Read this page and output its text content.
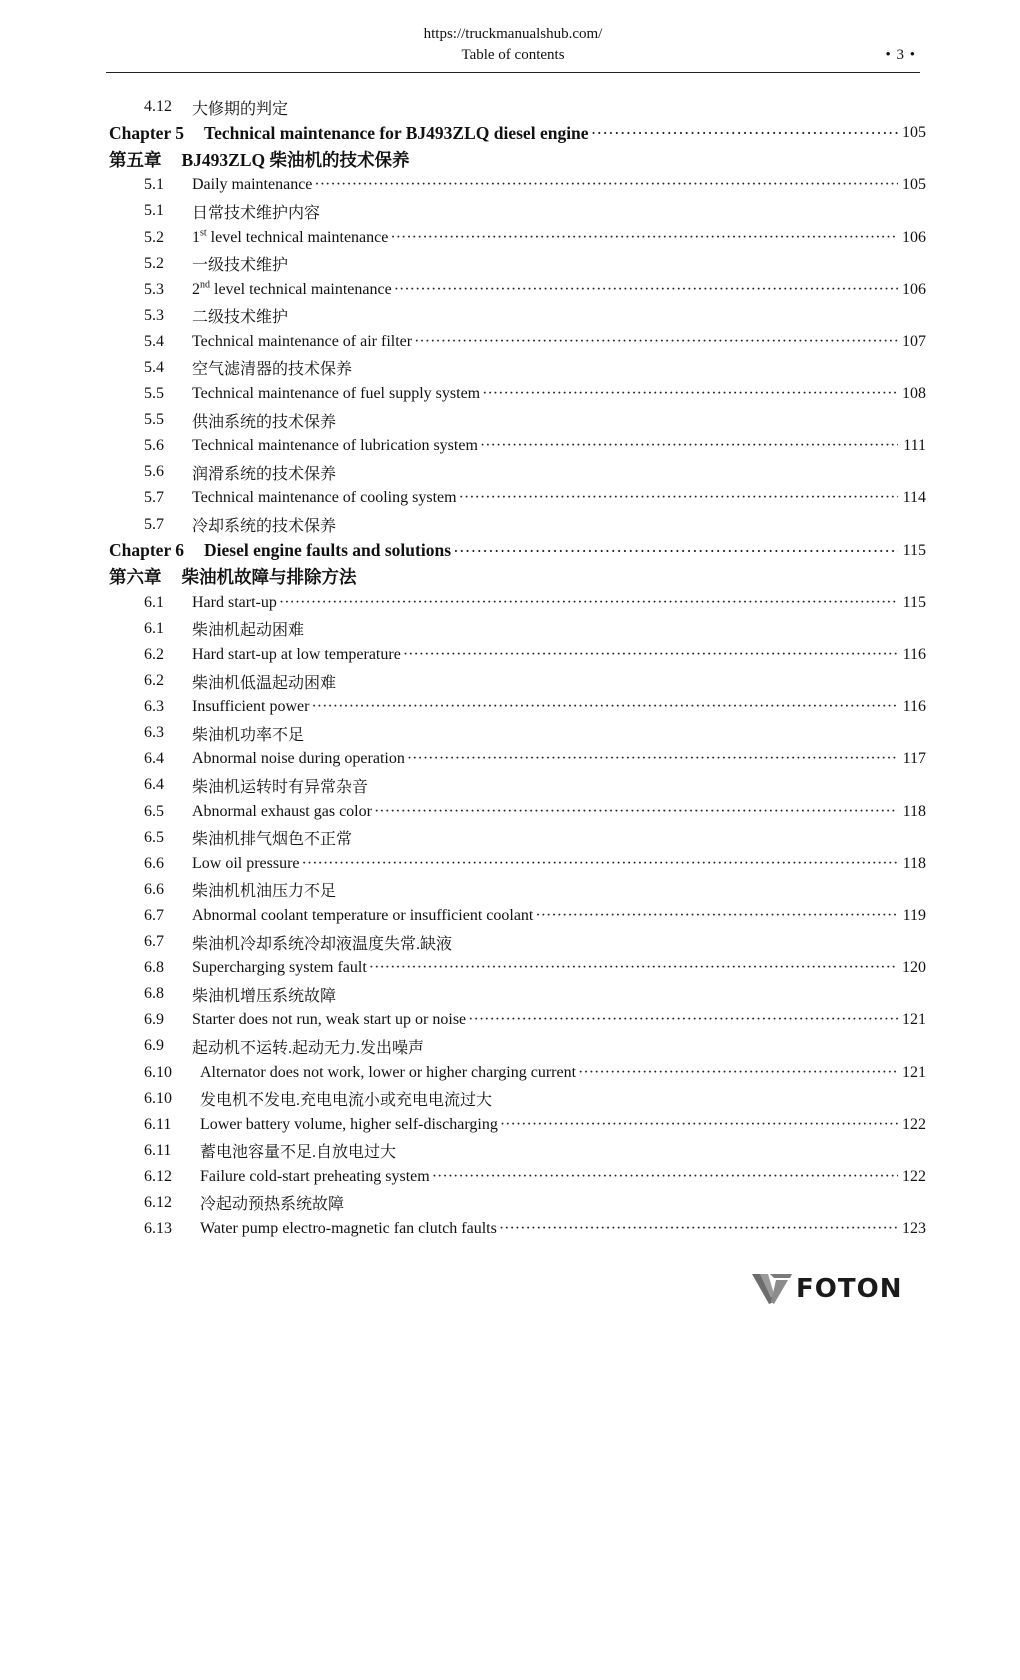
https://truckmanualshub.com/
Table of contents	• 3 •
4.12	大修期的判定
Chapter 5	Technical maintenance for BJ493ZLQ diesel engine ·····	105
第五章	BJ493ZLQ 柴油机的技术保养
5.1	Daily maintenance ·····	105
5.1	日常技术维护内容
5.2	1st level technical maintenance ·····	106
5.2	一级技术维护
5.3	2nd level technical maintenance ·····	106
5.3	二级技术维护
5.4	Technical maintenance of air filter ·····	107
5.4	空气滤清器的技术保养
5.5	Technical maintenance of fuel supply system ·····	108
5.5	供油系统的技术保养
5.6	Technical maintenance of lubrication system ·····	111
5.6	润滑系统的技术保养
5.7	Technical maintenance of cooling system ·····	114
5.7	冷却系统的技术保养
Chapter 6	Diesel engine faults and solutions ·····	115
第六章	柴油机故障与排除方法
6.1	Hard start-up ·····	115
6.1	柴油机起动困难
6.2	Hard start-up at low temperature ·····	116
6.2	柴油机低温起动困难
6.3	Insufficient power ·····	116
6.3	柴油机功率不足
6.4	Abnormal noise during operation ·····	117
6.4	柴油机运转时有异常杂音
6.5	Abnormal exhaust gas color ·····	118
6.5	柴油机排气烟色不正常
6.6	Low oil pressure ·····	118
6.6	柴油机机油压力不足
6.7	Abnormal coolant temperature or insufficient coolant ·····	119
6.7	柴油机冷却系统冷却液温度失常.缺液
6.8	Supercharging system fault ·····	120
6.8	柴油机增压系统故障
6.9	Starter does not run, weak start up or noise ·····	121
6.9	起动机不运转.起动无力.发出噪声
6.10	Alternator does not work, lower or higher charging current ·····	121
6.10	发电机不发电.充电电流小或充电电流过大
6.11	Lower battery volume, higher self-discharging ·····	122
6.11	蓄电池容量不足.自放电过大
6.12	Failure cold-start preheating system ·····	122
6.12	冷起动预热系统故障
6.13	Water pump electro-magnetic fan clutch faults ·····	123
FOTON
